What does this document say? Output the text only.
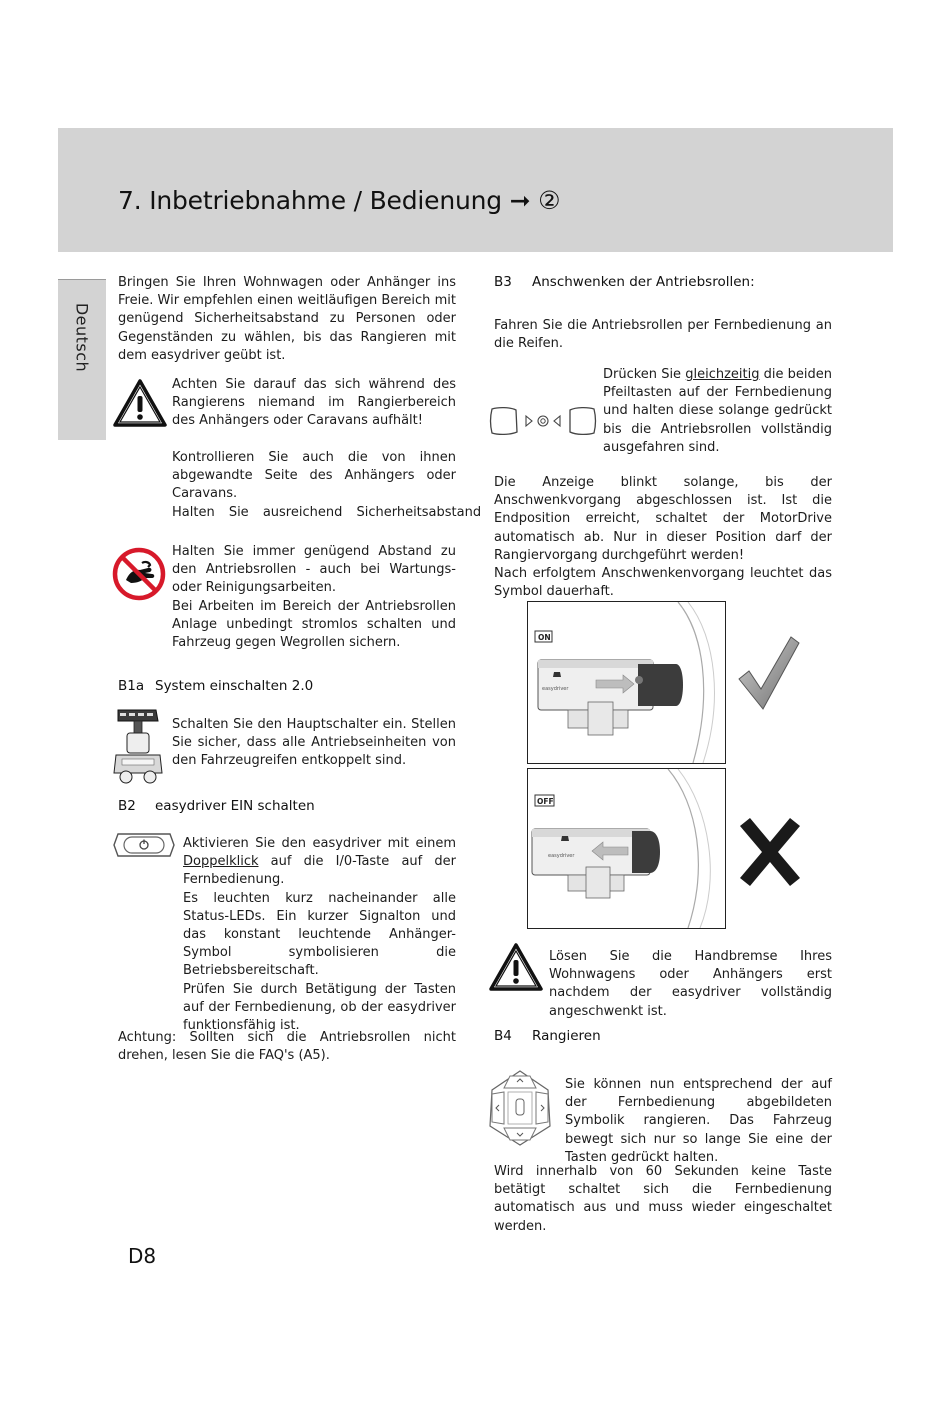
7. Inbetriebnahme / Bedienung ➞ ②
Deutsch
Bringen Sie Ihren Wohnwagen oder Anhänger ins Freie. Wir empfehlen einen weitläufigen Bereich mit genügend Sicherheitsabstand zu Personen oder Gegenständen zu wählen, bis das Rangieren mit dem easydriver geübt ist.
Achten Sie darauf das sich während des Rangierens niemand im Rangierbereich des Anhängers oder Caravans aufhält!
Kontrollieren Sie auch die von ihnen abgewandte Seite des Anhängers oder Caravans.
Halten Sie ausreichend Sicherheitsabstand

Halten Sie immer genügend Abstand zu den Antriebsrollen - auch bei Wartungs- oder Reinigungsarbeiten.

Bei Arbeiten im Bereich der Antriebsrollen Anlage unbedingt stromlos schalten und Fahrzeug gegen Wegrollen sichern.

B1a System einschalten 2.0
Schalten Sie den Hauptschalter ein. Stellen Sie sicher, dass alle Antriebseinheiten von den Fahrzeugreifen entkoppelt sind.
B2 easydriver EIN schalten

Aktivieren Sie den easydriver mit einem Doppelklick auf die I/0-Taste auf der Fernbedienung.

Es leuchten kurz nacheinander alle Status-LEDs. Ein kurzer Signalton und das konstant leuchtende Anhänger-Symbol symbolisieren die Betriebsbereitschaft.

Prüfen Sie durch Betätigung der Tasten auf der Fernbedienung, ob der easydriver funktionsfähig ist.

Achtung: Sollten sich die Antriebsrollen nicht drehen, lesen Sie die FAQ's (A5).
B3 Anschwenken der Antriebsrollen:
Fahren Sie die Antriebsrollen per Fernbedienung an die Reifen.
Drücken Sie gleichzeitig die beiden Pfeiltasten auf der Fernbedienung und halten diese solange gedrückt bis die Antriebsrollen vollständig ausgefahren sind.

Die Anzeige blinkt solange, bis der Anschwenkvorgang abgeschlossen ist. Ist die Endposition erreicht, schaltet der MotorDrive automatisch ab. Nur in dieser Position darf der Rangiervorgang durchgeführt werden!

Nach erfolgtem Anschwenkenvorgang leuchtet das Symbol dauerhaft.

ON
easydriver
OFF
easydriver
Lösen Sie die Handbremse Ihres Wohnwagens oder Anhängers erst nachdem der easydriver vollständig angeschwenkt ist.
B4 Rangieren
Sie können nun entsprechend der auf der Fernbedienung abgebildeten Symbolik rangieren. Das Fahrzeug bewegt sich nur so lange Sie eine der Tasten gedrückt halten.
Wird innerhalb von 60 Sekunden keine Taste betätigt schaltet sich die Fernbedienung automatisch aus und muss wieder eingeschaltet werden.
D8
